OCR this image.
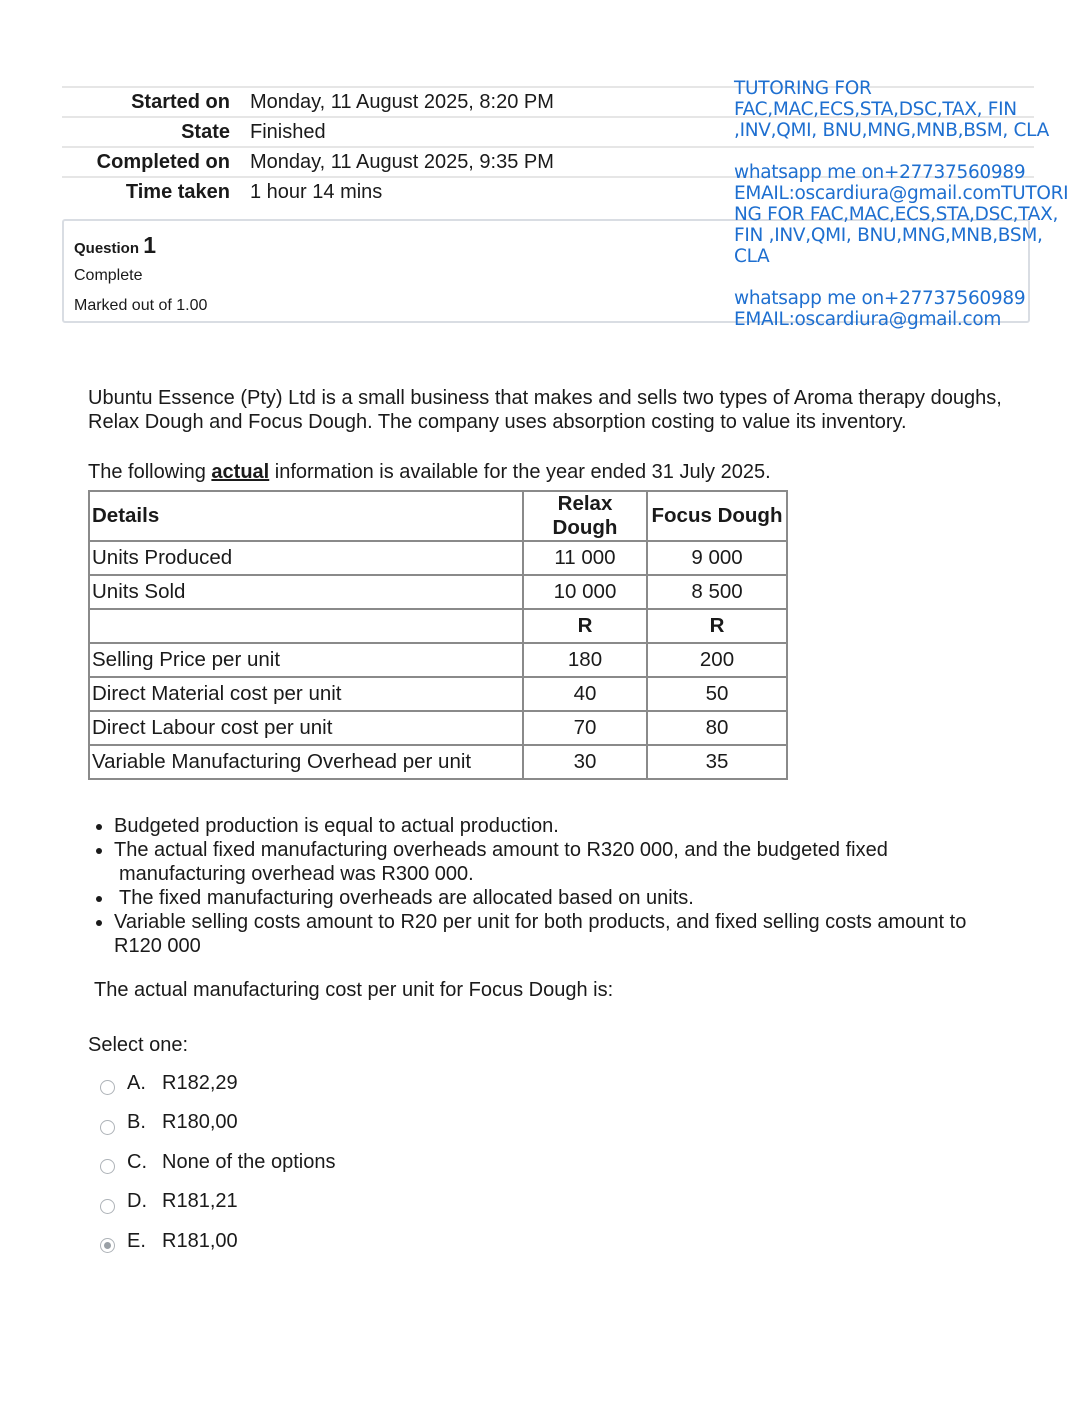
Started on	Monday, 11 August 2025, 8:20 PM
State	Finished
Completed on	Monday, 11 August 2025, 9:35 PM
Time taken	1 hour 14 mins
Question 1
Complete
Marked out of 1.00

TUTORING FOR

FAC,MAC,ECS,STA,DSC,TAX, FIN

,INV,QMI, BNU,MNG,MNB,BSM, CLA

whatsapp me on+27737560989

EMAIL:oscardiura@gmail.comTUTORI

NG FOR FAC,MAC,ECS,STA,DSC,TAX,

FIN ,INV,QMI, BNU,MNG,MNB,BSM,

CLA

whatsapp me on+27737560989

EMAIL:oscardiura@gmail.com

Ubuntu Essence (Pty) Ltd is a small business that makes and sells two types of Aroma therapy doughs, Relax Dough and Focus Dough. The company uses absorption costing to value its inventory.

The following actual information is available for the year ended 31 July 2025.

Details	Relax Dough	Focus Dough
Units Produced	11 000	9 000
Units Sold	10 000	8 500
	R	R
Selling Price per unit	180	200
Direct Material cost per unit	40	50
Direct Labour cost per unit	70	80
Variable Manufacturing Overhead per unit	30	35
• Budgeted production is equal to actual production.
• The actual fixed manufacturing overheads amount to R320 000, and the budgeted fixed
manufacturing overhead was R300 000.
• The fixed manufacturing overheads are allocated based on units.
• Variable selling costs amount to R20 per unit for both products, and fixed selling costs amount to R120 000

The actual manufacturing cost per unit for Focus Dough is:

Select one:
A. R182,29
B. R180,00
C. None of the options
D. R181,21
E. R181,00
